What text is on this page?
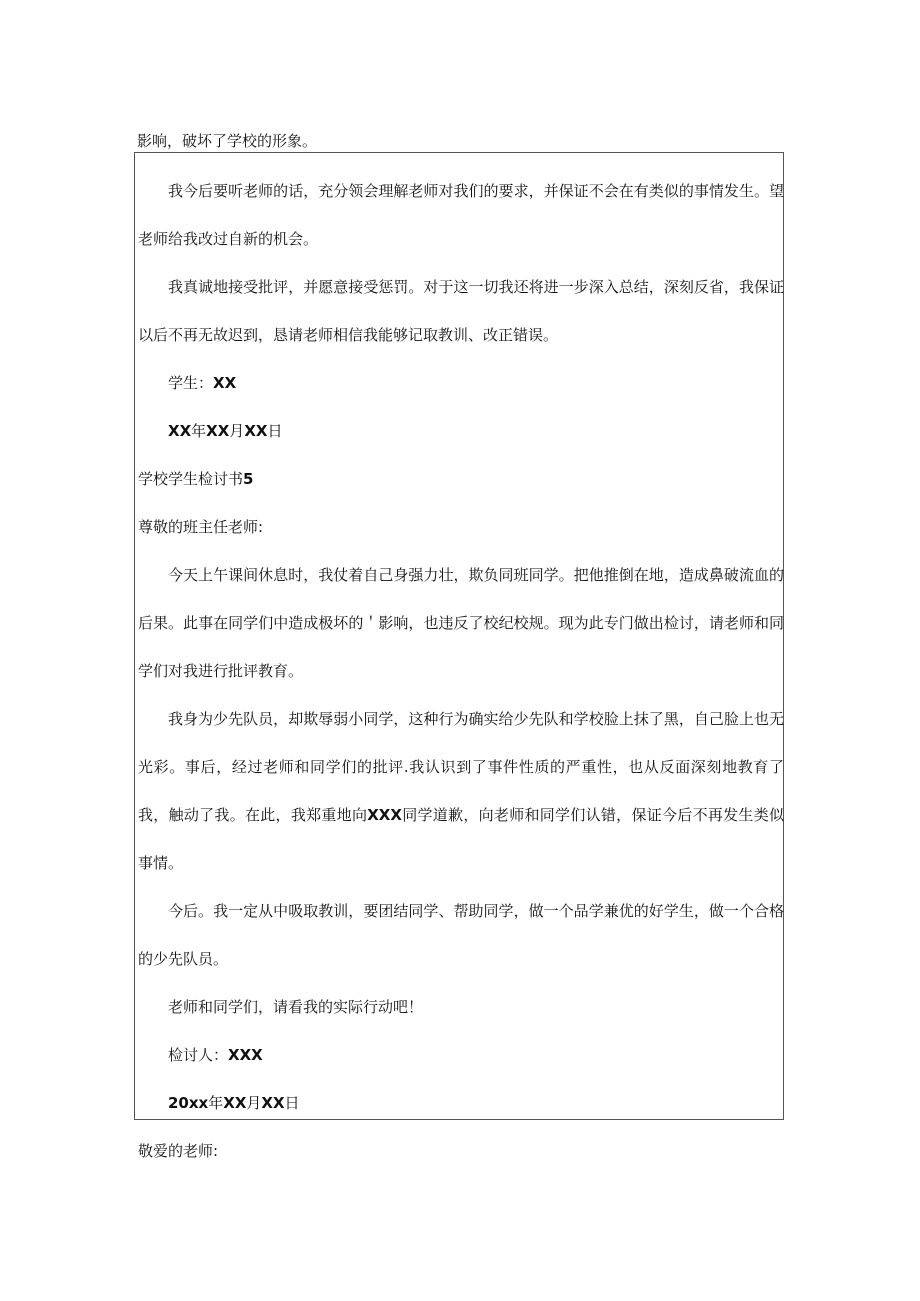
影响，破坏了学校的形象。

我今后要听老师的话，充分领会理解老师对我们的要求，并保证不会在有类似的事情发生。望老师给我改过自新的机会。

我真诚地接受批评，并愿意接受惩罚。对于这一切我还将进一步深入总结，深刻反省，我保证以后不再无故迟到，恳请老师相信我能够记取教训、改正错误。

学生：XX

XX年XX月XX日

学校学生检讨书5

尊敬的班主任老师:

今天上午课间休息时，我仗着自己身强力壮，欺负同班同学。把他推倒在地，造成鼻破流血的后果。此事在同学们中造成极坏的＇影响，也违反了校纪校规。现为此专门做出检讨，请老师和同学们对我进行批评教育。

我身为少先队员，却欺辱弱小同学，这种行为确实给少先队和学校脸上抹了黑，自己脸上也无光彩。事后，经过老师和同学们的批评.我认识到了事件性质的严重性，也从反面深刻地教育了我，触动了我。在此，我郑重地向XXX同学道歉，向老师和同学们认错，保证今后不再发生类似事情。

今后。我一定从中吸取教训，要团结同学、帮助同学，做一个品学兼优的好学生，做一个合格的少先队员。

老师和同学们，请看我的实际行动吧！

检讨人：XXX

20xx年XX月XX日

敬爱的老师:
